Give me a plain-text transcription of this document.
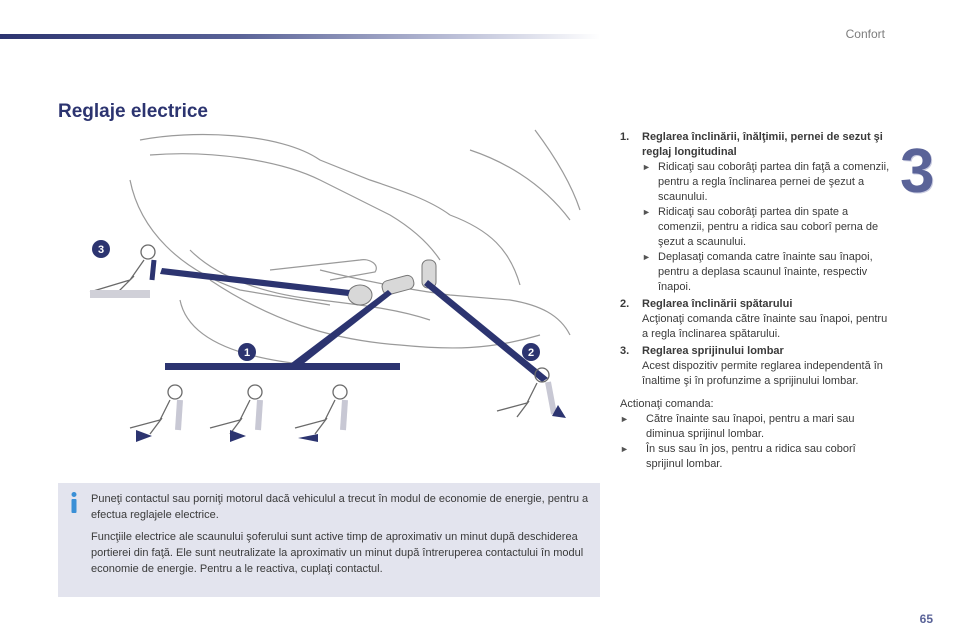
Confort
3
Reglaje electrice
3
1	2
1. Reglarea înclinării, înălţimii, pernei de sezut şi reglaj longitudinal
► Ridicaţi sau coborâţi partea din faţă a comenzii, pentru a regla înclinarea pernei de şezut a scaunului.
► Ridicaţi sau coborâţi partea din spate a comenzii, pentru a ridica sau coborî perna de şezut a scaunului.
► Deplasaţi comanda catre înainte sau înapoi, pentru a deplasa scaunul înainte, respectiv înapoi.
2. Reglarea înclinării spătarului
Acţionaţi comanda către înainte sau înapoi, pentru a regla înclinarea spătarului.
3. Reglarea sprijinului lombar
Acest dispozitiv permite reglarea independentă în înaltime şi în profunzime a sprijinului lombar.
Actionaţi comanda:
► Către înainte sau înapoi, pentru a mari sau diminua sprijinul lombar.
► În sus sau în jos, pentru a ridica sau coborî sprijinul lombar.

Puneţi contactul sau porniţi motorul dacă vehiculul a trecut în modul de economie de energie, pentru a efectua reglajele electrice.

Funcţiile electrice ale scaunului şoferului sunt active timp de aproximativ un minut după deschiderea portierei din faţă. Ele sunt neutralizate la aproximativ un minut după întreruperea contactului în modul economie de energie. Pentru a le reactiva, cuplaţi contactul.

65
